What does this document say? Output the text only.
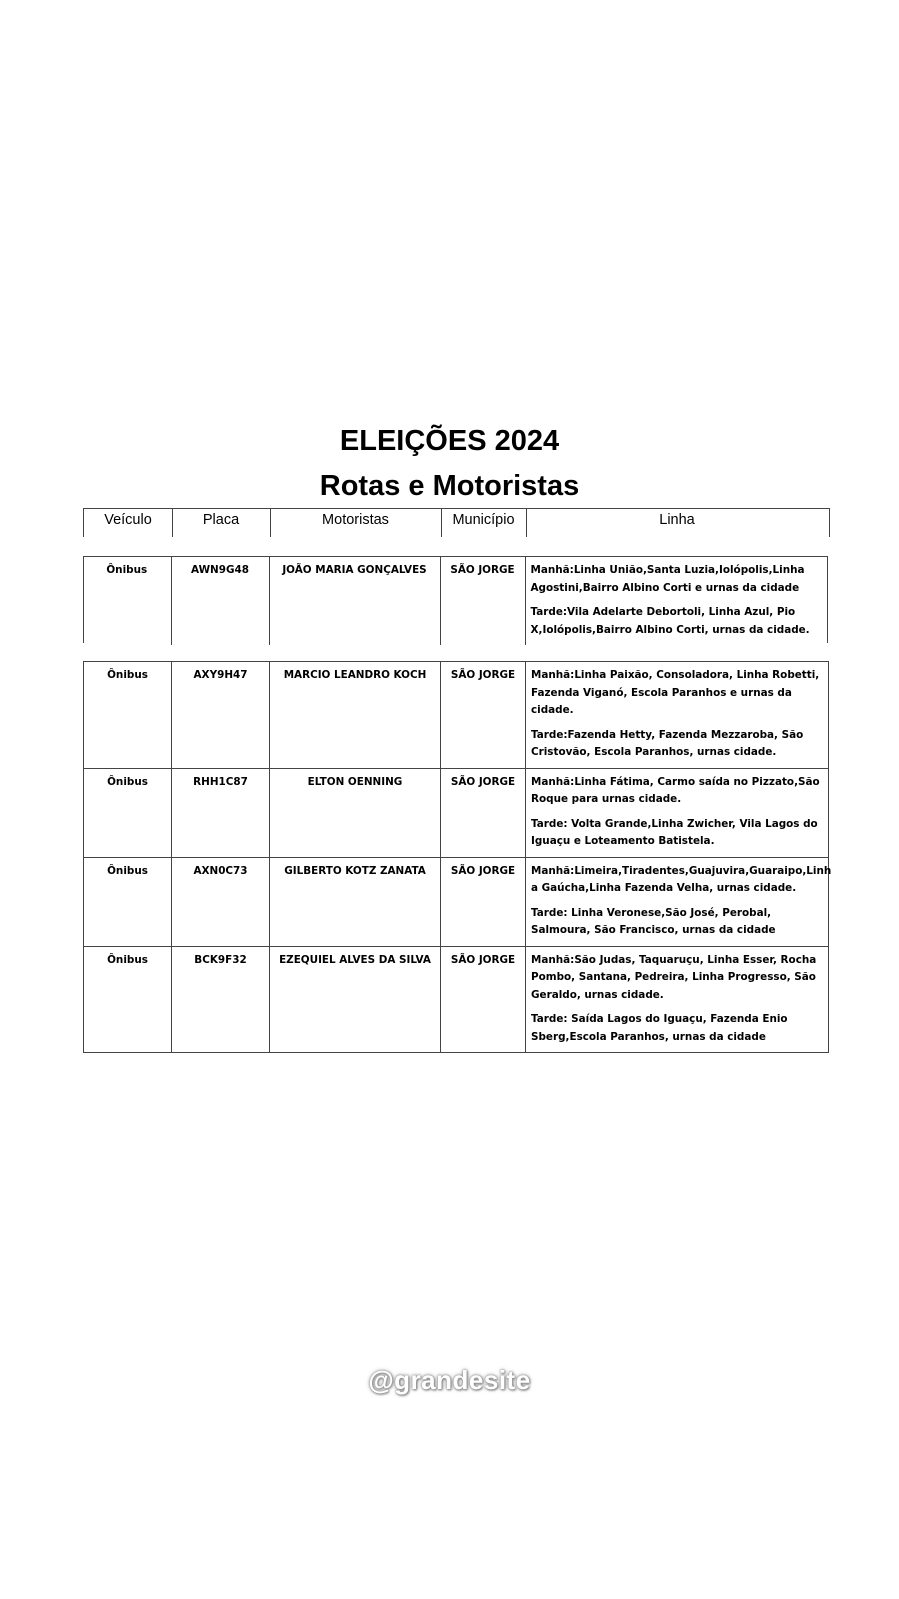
ELEIÇÕES 2024
Rotas e Motoristas
Veículo	Placa	Motoristas	Município	Linha
Ônibus	AWN9G48	JOÃO MARIA GONÇALVES	SÃO JORGE	Manhã:Linha União,Santa Luzia,Iolópolis,Linha Agostini,Bairro Albino Corti e urnas da cidade

Tarde:Vila Adelarte Debortoli, Linha Azul, Pio X,Iolópolis,Bairro Albino Corti, urnas da cidade.

Ônibus	AXY9H47	MARCIO LEANDRO KOCH	SÃO JORGE	Manhã:Linha Paixão, Consoladora, Linha Robetti, Fazenda Viganó, Escola Paranhos e urnas da cidade.

Tarde:Fazenda Hetty, Fazenda Mezzaroba, São Cristovão, Escola Paranhos, urnas cidade.

Ônibus	RHH1C87	ELTON OENNING	SÃO JORGE	Manhã:Linha Fátima, Carmo saída no Pizzato,São Roque para urnas cidade.

Tarde: Volta Grande,Linha Zwicher, Vila Lagos do Iguaçu e Loteamento Batistela.

Ônibus	AXN0C73	GILBERTO KOTZ ZANATA	SÃO JORGE	Manhã:Limeira,Tiradentes,Guajuvira,Guaraipo,Linh a Gaúcha,Linha Fazenda Velha, urnas cidade.

Tarde: Linha Veronese,São José, Perobal, Salmoura, São Francisco, urnas da cidade

Ônibus	BCK9F32	EZEQUIEL ALVES DA SILVA	SÃO JORGE	Manhã:São Judas, Taquaruçu, Linha Esser, Rocha Pombo, Santana, Pedreira, Linha Progresso, São Geraldo, urnas cidade.

Tarde: Saída Lagos do Iguaçu, Fazenda Enio Sberg,Escola Paranhos, urnas da cidade

@grandesite
